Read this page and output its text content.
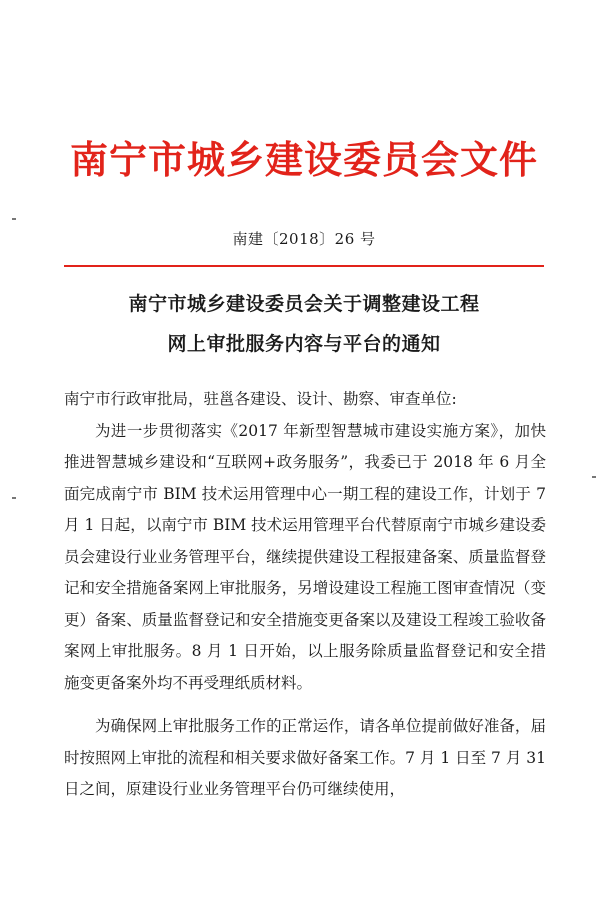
南宁市城乡建设委员会文件
南建〔2018〕26 号
南宁市城乡建设委员会关于调整建设工程
网上审批服务内容与平台的通知

南宁市行政审批局，驻邕各建设、设计、勘察、审查单位:

为进一步贯彻落实《2017 年新型智慧城市建设实施方案》，加快推进智慧城乡建设和“互联网+政务服务”，我委已于 2018 年 6 月全面完成南宁市 BIM 技术运用管理中心一期工程的建设工作，计划于 7 月 1 日起，以南宁市 BIM 技术运用管理平台代替原南宁市城乡建设委员会建设行业业务管理平台，继续提供建设工程报建备案、质量监督登记和安全措施备案网上审批服务，另增设建设工程施工图审查情况（变更）备案、质量监督登记和安全措施变更备案以及建设工程竣工验收备案网上审批服务。8 月 1 日开始，以上服务除质量监督登记和安全措施变更备案外均不再受理纸质材料。

为确保网上审批服务工作的正常运作，请各单位提前做好准备，届时按照网上审批的流程和相关要求做好备案工作。7 月 1 日至 7 月 31 日之间，原建设行业业务管理平台仍可继续使用，
